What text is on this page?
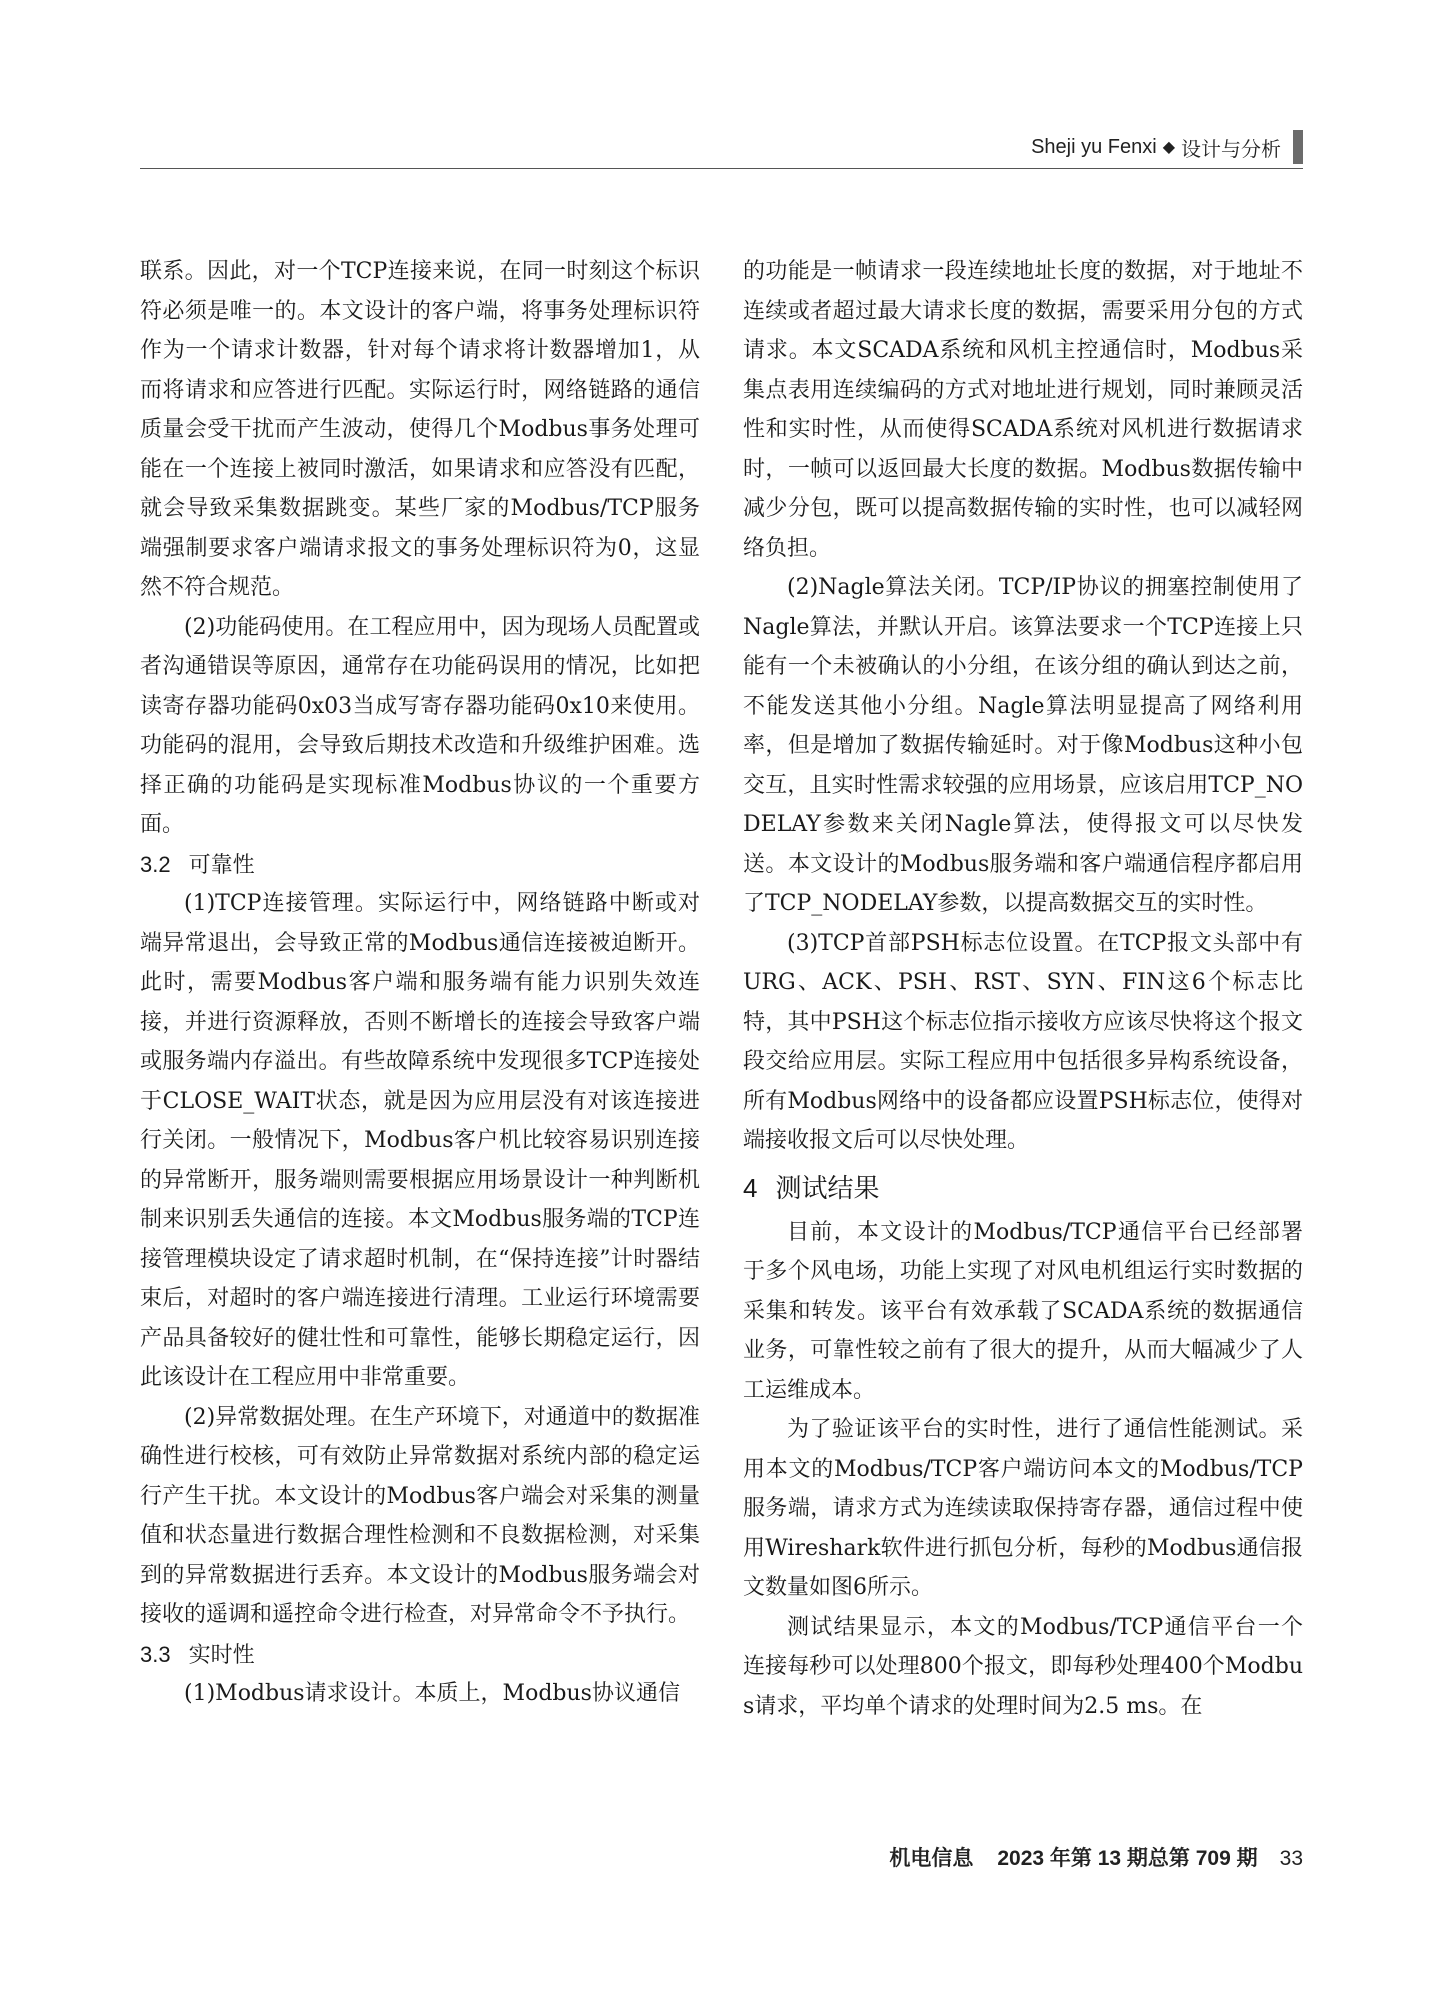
Sheji yu Fenxi ◆ 设计与分析

联系。因此，对一个TCP连接来说，在同一时刻这个标识符必须是唯一的。本文设计的客户端，将事务处理标识符作为一个请求计数器，针对每个请求将计数器增加1，从而将请求和应答进行匹配。实际运行时，网络链路的通信质量会受干扰而产生波动，使得几个Modbus事务处理可能在一个连接上被同时激活，如果请求和应答没有匹配，就会导致采集数据跳变。某些厂家的Modbus/TCP服务端强制要求客户端请求报文的事务处理标识符为0，这显然不符合规范。

(2)功能码使用。在工程应用中，因为现场人员配置或者沟通错误等原因，通常存在功能码误用的情况，比如把读寄存器功能码0x03当成写寄存器功能码0x10来使用。功能码的混用，会导致后期技术改造和升级维护困难。选择正确的功能码是实现标准Modbus协议的一个重要方面。

3.2 可靠性

(1)TCP连接管理。实际运行中，网络链路中断或对端异常退出，会导致正常的Modbus通信连接被迫断开。此时，需要Modbus客户端和服务端有能力识别失效连接，并进行资源释放，否则不断增长的连接会导致客户端或服务端内存溢出。有些故障系统中发现很多TCP连接处于CLOSE_WAIT状态，就是因为应用层没有对该连接进行关闭。一般情况下，Modbus客户机比较容易识别连接的异常断开，服务端则需要根据应用场景设计一种判断机制来识别丢失通信的连接。本文Modbus服务端的TCP连接管理模块设定了请求超时机制，在“保持连接”计时器结束后，对超时的客户端连接进行清理。工业运行环境需要产品具备较好的健壮性和可靠性，能够长期稳定运行，因此该设计在工程应用中非常重要。

(2)异常数据处理。在生产环境下，对通道中的数据准确性进行校核，可有效防止异常数据对系统内部的稳定运行产生干扰。本文设计的Modbus客户端会对采集的测量值和状态量进行数据合理性检测和不良数据检测，对采集到的异常数据进行丢弃。本文设计的Modbus服务端会对接收的遥调和遥控命令进行检查，对异常命令不予执行。

3.3 实时性

(1)Modbus请求设计。本质上，Modbus协议通信

的功能是一帧请求一段连续地址长度的数据，对于地址不连续或者超过最大请求长度的数据，需要采用分包的方式请求。本文SCADA系统和风机主控通信时，Modbus采集点表用连续编码的方式对地址进行规划，同时兼顾灵活性和实时性，从而使得SCADA系统对风机进行数据请求时，一帧可以返回最大长度的数据。Modbus数据传输中减少分包，既可以提高数据传输的实时性，也可以减轻网络负担。

(2)Nagle算法关闭。TCP/IP协议的拥塞控制使用了Nagle算法，并默认开启。该算法要求一个TCP连接上只能有一个未被确认的小分组，在该分组的确认到达之前，不能发送其他小分组。Nagle算法明显提高了网络利用率，但是增加了数据传输延时。对于像Modbus这种小包交互，且实时性需求较强的应用场景，应该启用TCP_NODELAY参数来关闭Nagle算法，使得报文可以尽快发送。本文设计的Modbus服务端和客户端通信程序都启用了TCP_NODELAY参数，以提高数据交互的实时性。

(3)TCP首部PSH标志位设置。在TCP报文头部中有URG、ACK、PSH、RST、SYN、FIN这6个标志比特，其中PSH这个标志位指示接收方应该尽快将这个报文段交给应用层。实际工程应用中包括很多异构系统设备，所有Modbus网络中的设备都应设置PSH标志位，使得对端接收报文后可以尽快处理。

4 测试结果

目前，本文设计的Modbus/TCP通信平台已经部署于多个风电场，功能上实现了对风电机组运行实时数据的采集和转发。该平台有效承载了SCADA系统的数据通信业务，可靠性较之前有了很大的提升，从而大幅减少了人工运维成本。

为了验证该平台的实时性，进行了通信性能测试。采用本文的Modbus/TCP客户端访问本文的Modbus/TCP服务端，请求方式为连续读取保持寄存器，通信过程中使用Wireshark软件进行抓包分析，每秒的Modbus通信报文数量如图6所示。

测试结果显示，本文的Modbus/TCP通信平台一个连接每秒可以处理800个报文，即每秒处理400个Modbus请求，平均单个请求的处理时间为2.5 ms。在

机电信息 2023 年第 13 期总第 709 期 33
